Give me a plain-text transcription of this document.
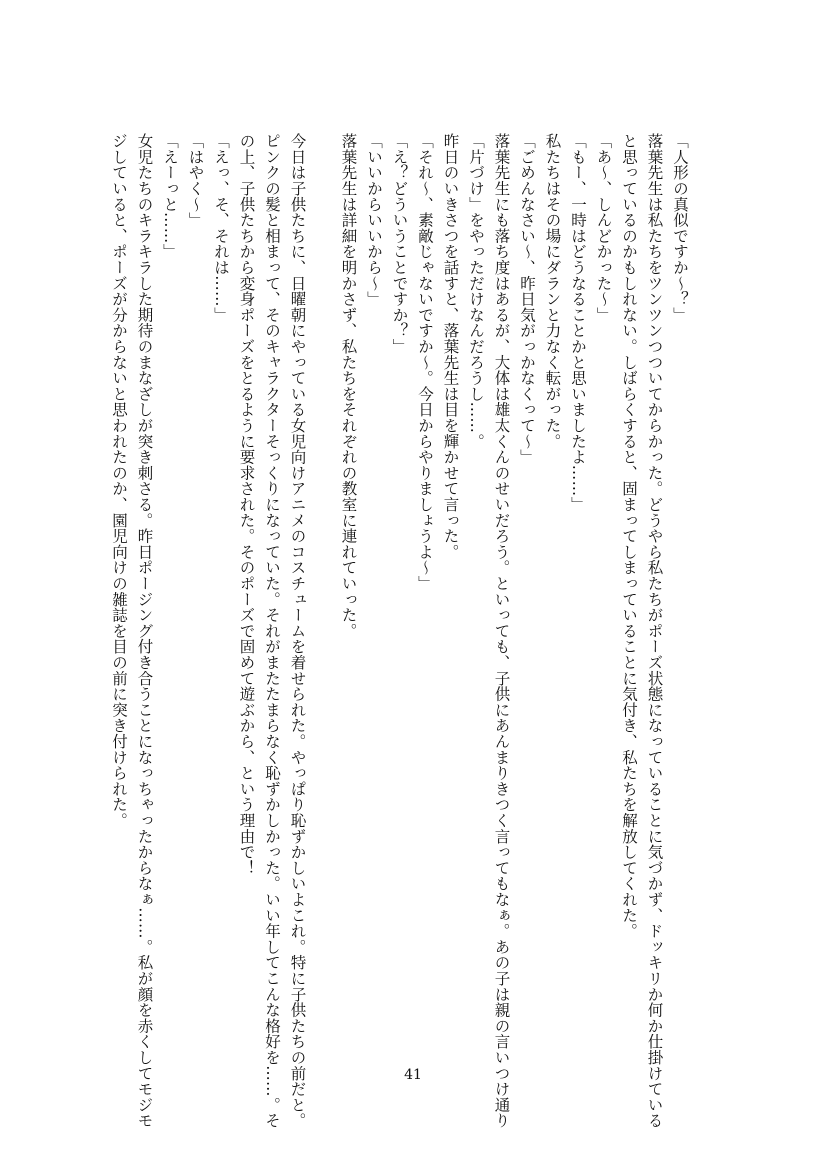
「人形の真似ですか～？」
落葉先生は私たちをツンツンつついてからかった。どうやら私たちがポーズ状態になっていることに気づかず、ドッキリか何か仕掛けている
と思っているのかもしれない。しばらくすると、固まってしまっていることに気付き、私たちを解放してくれた。
「あ～、しんどかった～」
「もー、一時はどうなることかと思いましたよ……」
私たちはその場にダランと力なく転がった。
「ごめんなさい～、昨日気がっかなくって～」
落葉先生にも落ち度はあるが、大体は雄太くんのせいだろう。といっても、子供にあんまりきつく言ってもなぁ。あの子は親の言いつけ通り
「片づけ」をやっただけなんだろうし……。
昨日のいきさつを話すと、落葉先生は目を輝かせて言った。
「それ～、素敵じゃないですか～。今日からやりましょうよ～」
「え？どういうことですか？」
「いいからいいから～」
落葉先生は詳細を明かさず、私たちをそれぞれの教室に連れていった。
今日は子供たちに、日曜朝にやっている女児向けアニメのコスチュームを着せられた。やっぱり恥ずかしいよこれ。特に子供たちの前だと。
ピンクの髪と相まって、そのキャラクターそっくりになっていた。それがまたたまらなく恥ずかしかった。いい年してこんな格好を……。そ
の上、子供たちから変身ポーズをとるように要求された。そのポーズで固めて遊ぶから、という理由で！
「えっ、そ、それは……」
「はやく～」
「えーっと……」
女児たちのキラキラした期待のまなざしが突き刺さる。昨日ポージング付き合うことになっちゃったからなぁ……。私が顔を赤くしてモジモ
ジしていると、ポーズが分からないと思われたのか、園児向けの雑誌を目の前に突き付けられた。
41
